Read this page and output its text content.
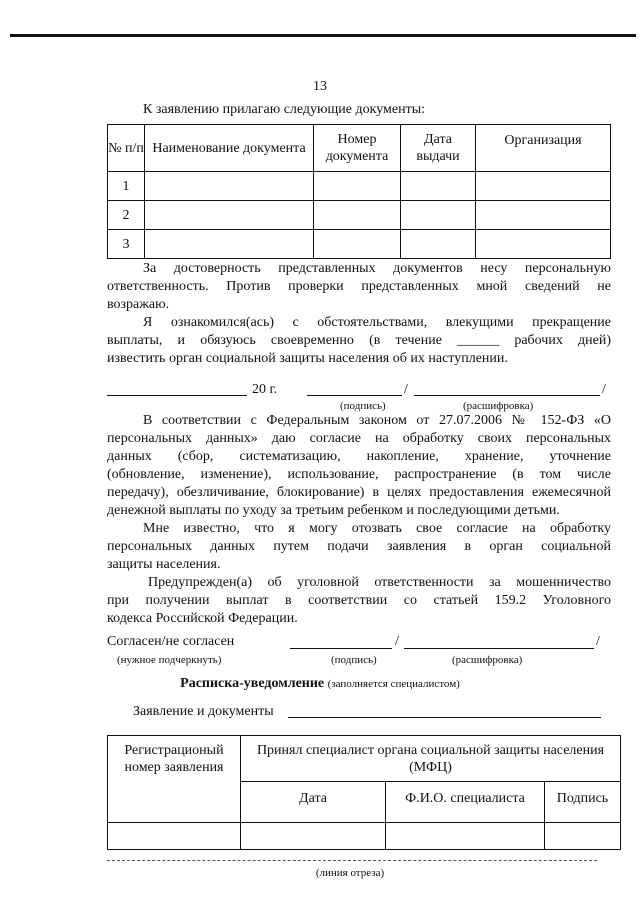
13
К заявлению прилагаю следующие документы:
№ п/п	Наименование документа	Номер документа	Дата выдачи	Организация
1				
2				
3				
За достоверность представленных документов несу персональную
ответственность. Против проверки представленных мной сведений не
возражаю.
Я ознакомился(ась) с обстоятельствами, влекущими прекращение
выплаты, и обязуюсь своевременно (в течение ______ рабочих дней)
известить орган социальной защиты населения об их наступлении.
20 г.	/	/
(подпись)	(расшифровка)
В соответствии с Федеральным законом от 27.07.2006 № 152-ФЗ «О
персональных данных» даю согласие на обработку своих персональных
данных (сбор, систематизацию, накопление, хранение, уточнение
(обновление, изменение), использование, распространение (в том числе
передачу), обезличивание, блокирование) в целях предоставления ежемесячной
денежной выплаты по уходу за третьим ребенком и последующими детьми.
Мне известно, что я могу отозвать свое согласие на обработку
персональных данных путем подачи заявления в орган социальной
защиты населения.
Предупрежден(а) об уголовной ответственности за мошенничество
при получении выплат в соответствии со статьей 159.2 Уголовного
кодекса Российской Федерации.
Согласен/не согласен	/	/
(нужное подчеркнуть)	(подпись)	(расшифровка)
Расписка-уведомление (заполняется специалистом)
Заявление и документы
Регистрационый номер заявления	Принял специалист органа социальной защиты населения (МФЦ)		
	Дата	Ф.И.О. специалиста	Подпись

(линия отреза)
